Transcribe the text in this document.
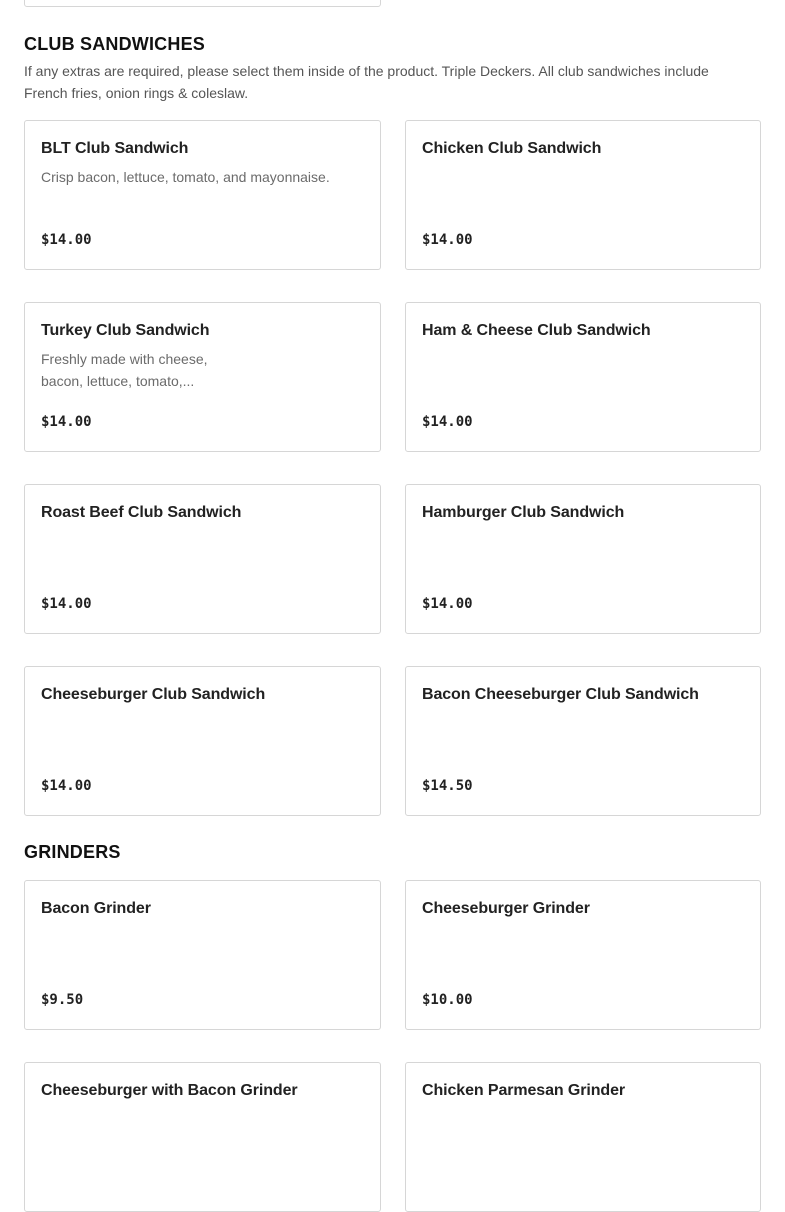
CLUB SANDWICHES
If any extras are required, please select them inside of the product. Triple Deckers. All club sandwiches include French fries, onion rings & coleslaw.
BLT Club Sandwich
Crisp bacon, lettuce, tomato, and mayonnaise.
$14.00
Chicken Club Sandwich
$14.00
Turkey Club Sandwich
Freshly made with cheese, bacon, lettuce, tomato,...
$14.00
Ham & Cheese Club Sandwich
$14.00
Roast Beef Club Sandwich
$14.00
Hamburger Club Sandwich
$14.00
Cheeseburger Club Sandwich
$14.00
Bacon Cheeseburger Club Sandwich
$14.50
GRINDERS
Bacon Grinder
$9.50
Cheeseburger Grinder
$10.00
Cheeseburger with Bacon Grinder	Chicken Parmesan Grinder
